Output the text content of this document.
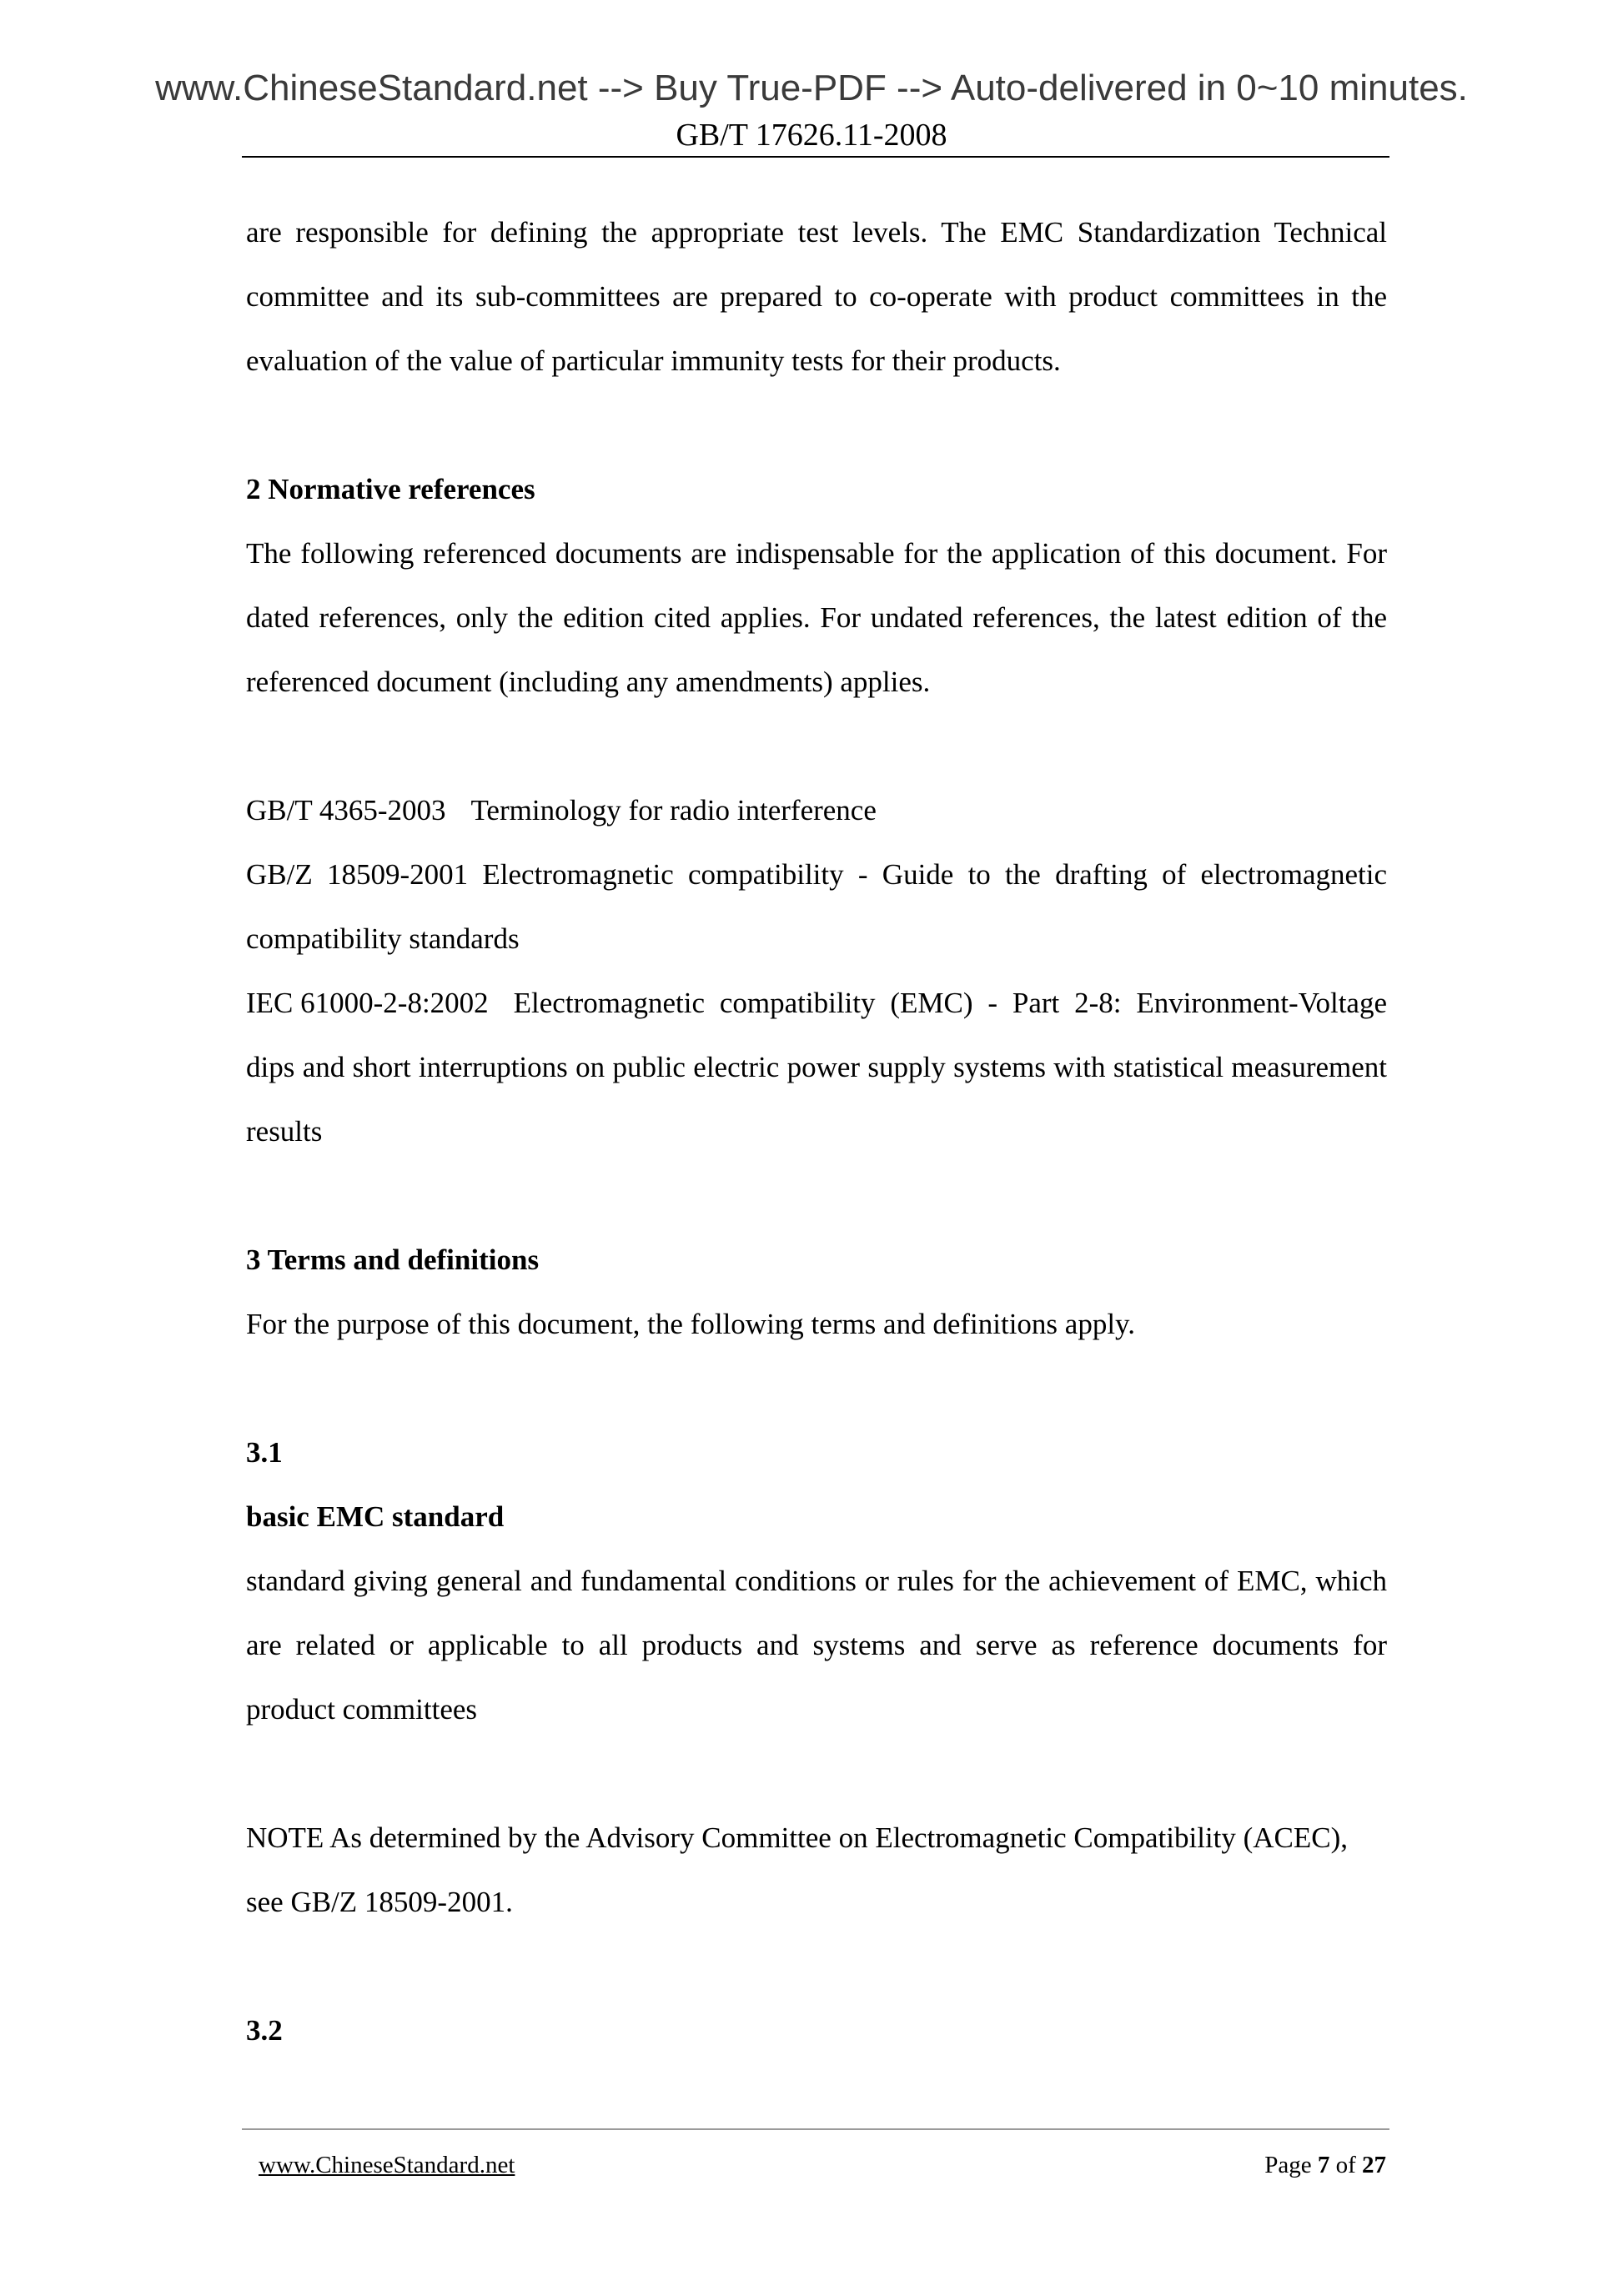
www.ChineseStandard.net --> Buy True-PDF --> Auto-delivered in 0~10 minutes.
GB/T 17626.11-2008

are responsible for defining the appropriate test levels. The EMC Standardization Technical committee and its sub-committees are prepared to co-operate with product committees in the evaluation of the value of particular immunity tests for their products.

2 Normative references

The following referenced documents are indispensable for the application of this document. For dated references, only the edition cited applies. For undated references, the latest edition of the referenced document (including any amendments) applies.

GB/T 4365-2003 Terminology for radio interference

GB/Z 18509-2001 Electromagnetic compatibility - Guide to the drafting of electromagnetic compatibility standards

IEC 61000-2-8:2002 Electromagnetic compatibility (EMC) - Part 2-8: Environment-Voltage dips and short interruptions on public electric power supply systems with statistical measurement results

3 Terms and definitions

For the purpose of this document, the following terms and definitions apply.

3.1

basic EMC standard

standard giving general and fundamental conditions or rules for the achievement of EMC, which are related or applicable to all products and systems and serve as reference documents for product committees

NOTE As determined by the Advisory Committee on Electromagnetic Compatibility (ACEC), see GB/Z 18509-2001.

3.2

www.ChineseStandard.net	Page 7 of 27
